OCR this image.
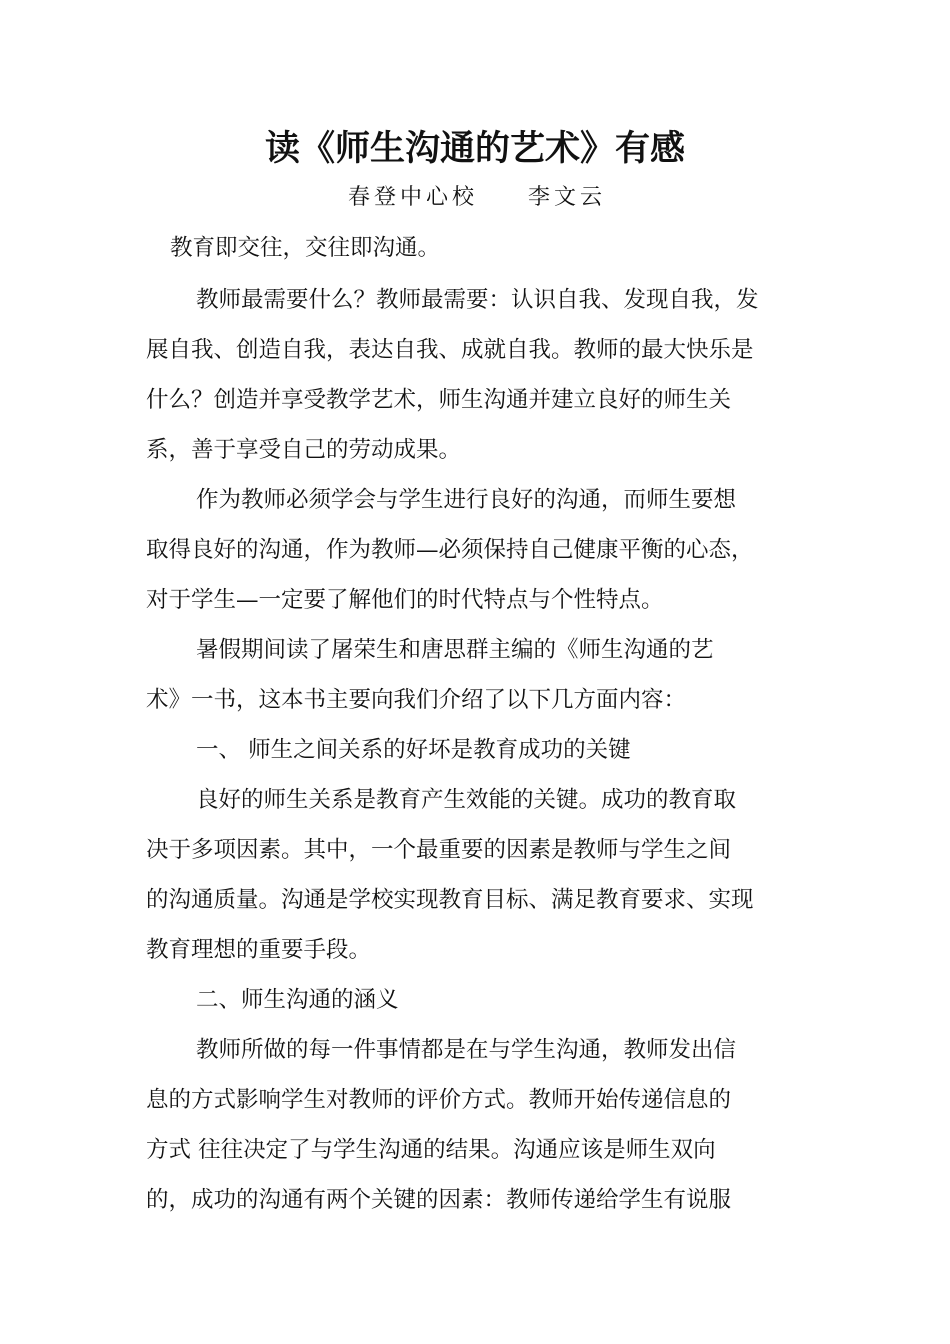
读《师生沟通的艺术》有感
春登中心校 李文云
教育即交往，交往即沟通。
教师最需要什么？教师最需要：认识自我、发现自我，发
展自我、创造自我，表达自我、成就自我。教师的最大快乐是
什么？创造并享受教学艺术，师生沟通并建立良好的师生关
系，善于享受自己的劳动成果。
作为教师必须学会与学生进行良好的沟通，而师生要想
取得良好的沟通，作为教师—必须保持自己健康平衡的心态，
对于学生—一定要了解他们的时代特点与个性特点。
暑假期间读了屠荣生和唐思群主编的《师生沟通的艺
术》一书，这本书主要向我们介绍了以下几方面内容：
一、 师生之间关系的好坏是教育成功的关键
良好的师生关系是教育产生效能的关键。成功的教育取
决于多项因素。其中，一个最重要的因素是教师与学生之间
的沟通质量。沟通是学校实现教育目标、满足教育要求、实现
教育理想的重要手段。
二、师生沟通的涵义
教师所做的每一件事情都是在与学生沟通，教师发出信
息的方式影响学生对教师的评价方式。教师开始传递信息的
方式 往往决定了与学生沟通的结果。沟通应该是师生双向
的，成功的沟通有两个关键的因素：教师传递给学生有说服
